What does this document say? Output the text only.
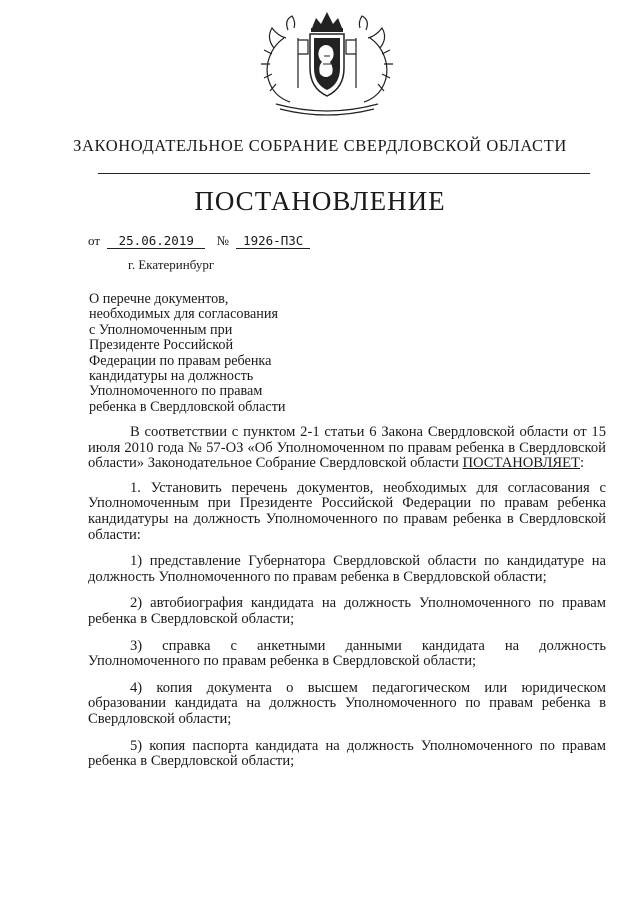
ЗАКОНОДАТЕЛЬНОЕ СОБРАНИЕ СВЕРДЛОВСКОЙ ОБЛАСТИ
ПОСТАНОВЛЕНИЕ
от 25.06.2019 № 1926-ПЗС
г. Екатеринбург
О перечне документов,
необходимых для согласования
с Уполномоченным при
Президенте Российской
Федерации по правам ребенка
кандидатуры на должность
Уполномоченного по правам
ребенка в Свердловской области

В соответствии с пунктом 2-1 статьи 6 Закона Свердловской области от 15 июля 2010 года № 57-ОЗ «Об Уполномоченном по правам ребенка в Свердловской области» Законодательное Собрание Свердловской области ПОСТАНОВЛЯЕТ:

1. Установить перечень документов, необходимых для согласования с Уполномоченным при Президенте Российской Федерации по правам ребенка кандидатуры на должность Уполномоченного по правам ребенка в Свердловской области:

1) представление Губернатора Свердловской области по кандидатуре на должность Уполномоченного по правам ребенка в Свердловской области;

2) автобиография кандидата на должность Уполномоченного по правам ребенка в Свердловской области;

3) справка с анкетными данными кандидата на должность Уполномоченного по правам ребенка в Свердловской области;

4) копия документа о высшем педагогическом или юридическом образовании кандидата на должность Уполномоченного по правам ребенка в Свердловской области;

5) копия паспорта кандидата на должность Уполномоченного по правам ребенка в Свердловской области;
